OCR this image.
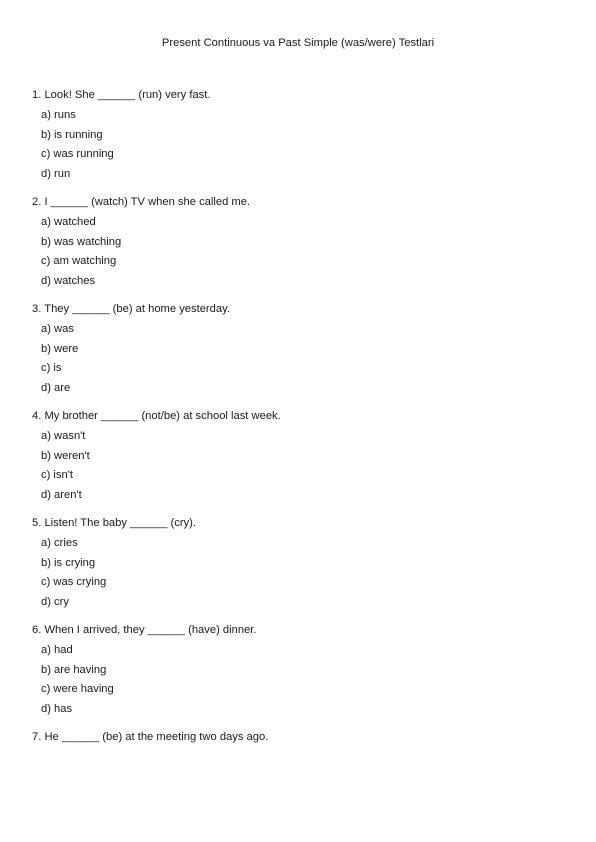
Present Continuous va Past Simple (was/were) Testlari
1. Look! She ______ (run) very fast.
a) runs
b) is running
c) was running
d) run
2. I ______ (watch) TV when she called me.
a) watched
b) was watching
c) am watching
d) watches
3. They ______ (be) at home yesterday.
a) was
b) were
c) is
d) are
4. My brother ______ (not/be) at school last week.
a) wasn't
b) weren't
c) isn't
d) aren't
5. Listen! The baby ______ (cry).
a) cries
b) is crying
c) was crying
d) cry
6. When I arrived, they ______ (have) dinner.
a) had
b) are having
c) were having
d) has
7. He ______ (be) at the meeting two days ago.
